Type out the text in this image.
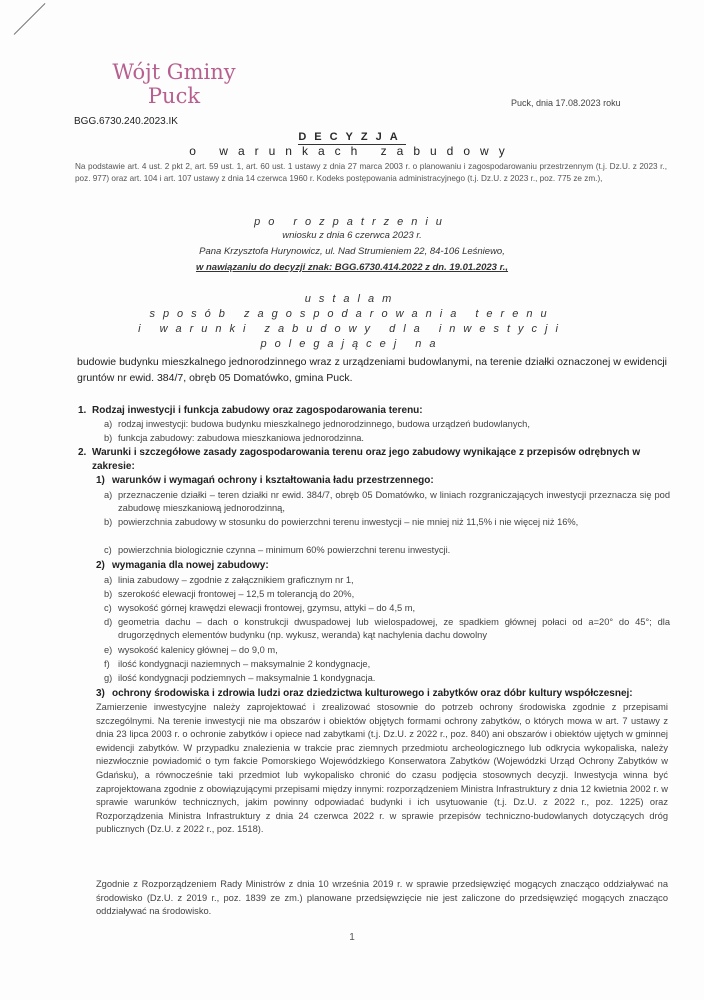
Wójt Gminy
Puck
BGG.6730.240.2023.IK
Puck, dnia 17.08.2023 roku
DECYZJA
o warunkach zabudowy
Na podstawie art. 4 ust. 2 pkt 2, art. 59 ust. 1, art. 60 ust. 1 ustawy z dnia 27 marca 2003 r. o planowaniu i zagospodarowaniu przestrzennym (t.j. Dz.U. z 2023 r., poz. 977) oraz art. 104 i art. 107 ustawy z dnia 14 czerwca 1960 r. Kodeks postępowania administracyjnego (t.j. Dz.U. z 2023 r., poz. 775 ze zm.),
po rozpatrzeniu
wniosku z dnia 6 czerwca 2023 r.
Pana Krzysztofa Hurynowicz, ul. Nad Strumieniem 22, 84-106 Leśniewo,
w nawiązaniu do decyzji znak: BGG.6730.414.2022 z dn. 19.01.2023 r.,
ustalam
sposób zagospodarowania terenu
i warunki zabudowy dla inwestycji
polegającej na
budowie budynku mieszkalnego jednorodzinnego wraz z urządzeniami budowlanymi, na terenie działki oznaczonej w ewidencji gruntów nr ewid. 384/7, obręb 05 Domatówko, gmina Puck.
1. Rodzaj inwestycji i funkcja zabudowy oraz zagospodarowania terenu:
a) rodzaj inwestycji: budowa budynku mieszkalnego jednorodzinnego, budowa urządzeń budowlanych,
b) funkcja zabudowy: zabudowa mieszkaniowa jednorodzinna.
2. Warunki i szczegółowe zasady zagospodarowania terenu oraz jego zabudowy wynikające z przepisów odrębnych w zakresie:
1) warunków i wymagań ochrony i kształtowania ładu przestrzennego:
a) przeznaczenie działki – teren działki nr ewid. 384/7, obręb 05 Domatówko, w liniach rozgraniczających inwestycji przeznacza się pod zabudowę mieszkaniową jednorodzinną,
b) powierzchnia zabudowy w stosunku do powierzchni terenu inwestycji – nie mniej niż 11,5% i nie więcej niż 16%,
c) powierzchnia biologicznie czynna – minimum 60% powierzchni terenu inwestycji.
2) wymagania dla nowej zabudowy:
a) linia zabudowy – zgodnie z załącznikiem graficznym nr 1,
b) szerokość elewacji frontowej – 12,5 m tolerancją do 20%,
c) wysokość górnej krawędzi elewacji frontowej, gzymsu, attyki – do 4,5 m,
d) geometria dachu – dach o konstrukcji dwuspadowej lub wielospadowej, ze spadkiem głównej połaci od a=20° do 45°; dla drugorzędnych elementów budynku (np. wykusz, weranda) kąt nachylenia dachu dowolny
e) wysokość kalenicy głównej – do 9,0 m,
f) ilość kondygnacji naziemnych – maksymalnie 2 kondygnacje,
g) ilość kondygnacji podziemnych – maksymalnie 1 kondygnacja.
3) ochrony środowiska i zdrowia ludzi oraz dziedzictwa kulturowego i zabytków oraz dóbr kultury współczesnej:
Zamierzenie inwestycyjne należy zaprojektować i zrealizować stosownie do potrzeb ochrony środowiska zgodnie z przepisami szczególnymi. Na terenie inwestycji nie ma obszarów i obiektów objętych formami ochrony zabytków, o których mowa w art. 7 ustawy z dnia 23 lipca 2003 r. o ochronie zabytków i opiece nad zabytkami (t.j. Dz.U. z 2022 r., poz. 840) ani obszarów i obiektów ujętych w gminnej ewidencji zabytków. W przypadku znalezienia w trakcie prac ziemnych przedmiotu archeologicznego lub odkrycia wykopaliska, należy niezwłocznie powiadomić o tym fakcie Pomorskiego Wojewódzkiego Konserwatora Zabytków (Wojewódzki Urząd Ochrony Zabytków w Gdańsku), a równocześnie taki przedmiot lub wykopalisko chronić do czasu podjęcia stosownych decyzji. Inwestycja winna być zaprojektowana zgodnie z obowiązującymi przepisami między innymi: rozporządzeniem Ministra Infrastruktury z dnia 12 kwietnia 2002 r. w sprawie warunków technicznych, jakim powinny odpowiadać budynki i ich usytuowanie (t.j. Dz.U. z 2022 r., poz. 1225) oraz Rozporządzenia Ministra Infrastruktury z dnia 24 czerwca 2022 r. w sprawie przepisów techniczno-budowlanych dotyczących dróg publicznych (Dz.U. z 2022 r., poz. 1518).
Zgodnie z Rozporządzeniem Rady Ministrów z dnia 10 września 2019 r. w sprawie przedsięwzięć mogących znacząco oddziaływać na środowisko (Dz.U. z 2019 r., poz. 1839 ze zm.) planowane przedsięwzięcie nie jest zaliczone do przedsięwzięć mogących znacząco oddziaływać na środowisko.
1
